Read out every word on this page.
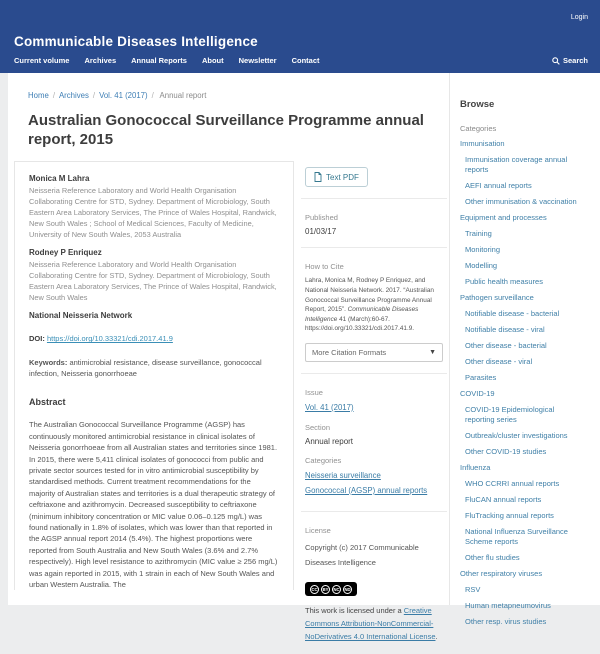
Login
Communicable Diseases Intelligence
Current volume Archives Annual Reports About Newsletter Contact	Search
Home / Archives / Vol. 41 (2017) / Annual report
Australian Gonococcal Surveillance Programme annual report, 2015
Monica M Lahra
Neisseria Reference Laboratory and World Health Organisation Collaborating Centre for STD, Sydney. Department of Microbiology, South Eastern Area Laboratory Services, The Prince of Wales Hospital, Randwick, New South Wales ; School of Medical Sciences, Faculty of Medicine, University of New South Wales, 2053 Australia
Rodney P Enriquez
Neisseria Reference Laboratory and World Health Organisation Collaborating Centre for STD, Sydney. Department of Microbiology, South Eastern Area Laboratory Services, The Prince of Wales Hospital, Randwick, New South Wales
National Neisseria Network
DOI: https://doi.org/10.33321/cdi.2017.41.9
Keywords: antimicrobial resistance, disease surveillance, gonococcal infection, Neisseria gonorrhoeae
Abstract

The Australian Gonococcal Surveillance Programme (AGSP) has continuously monitored antimicrobial resistance in clinical isolates of Neisseria gonorrhoeae from all Australian states and territories since 1981. In 2015, there were 5,411 clinical isolates of gonococci from public and private sector sources tested for in vitro antimicrobial susceptibility by standardised methods. Current treatment recommendations for the majority of Australian states and territories is a dual therapeutic strategy of ceftriaxone and azithromycin. Decreased susceptibility to ceftriaxone (minimum inhibitory concentration or MIC value 0.06–0.125 mg/L) was found nationally in 1.8% of isolates, which was lower than that reported in the AGSP annual report 2014 (5.4%). The highest proportions were reported from South Australia and New South Wales (3.6% and 2.7% respectively). High level resistance to azithromycin (MIC value ≥ 256 mg/L) was again reported in 2015, with 1 strain in each of New South Wales and urban Western Australia. The

Text PDF
Published
01/03/17
How to Cite

Lahra, Monica M, Rodney P Enriquez, and National Neisseria Network. 2017. “Australian Gonococcal Surveillance Programme Annual Report, 2015”. Communicable Diseases Intelligence 41 (March):60-67. https://doi.org/10.33321/cdi.2017.41.9.

More Citation Formats	▼
Issue
Vol. 41 (2017)
Section
Annual report
Categories
Neisseria surveillance
Gonococcal (AGSP) annual reports
License

Copyright (c) 2017 Communicable Diseases Intelligence

CC	BY	NC	ND

This work is licensed under a Creative Commons Attribution-NonCommercial-NoDerivatives 4.0 International License.

Browse
Categories
Immunisation
Immunisation coverage annual reports
AEFI annual reports
Other immunisation & vaccination
Equipment and processes
Training
Monitoring
Modelling
Public health measures
Pathogen surveillance
Notifiable disease - bacterial
Notifiable disease - viral
Other disease - bacterial
Other disease - viral
Parasites
COVID-19
COVID-19 Epidemiological reporting series
Outbreak/cluster investigations
Other COVID-19 studies
Influenza
WHO CCRRI annual reports
FluCAN annual reports
FluTracking annual reports
National Influenza Surveillance Scheme reports
Other flu studies
Other respiratory viruses
RSV
Human metapneumovirus
Other resp. virus studies
